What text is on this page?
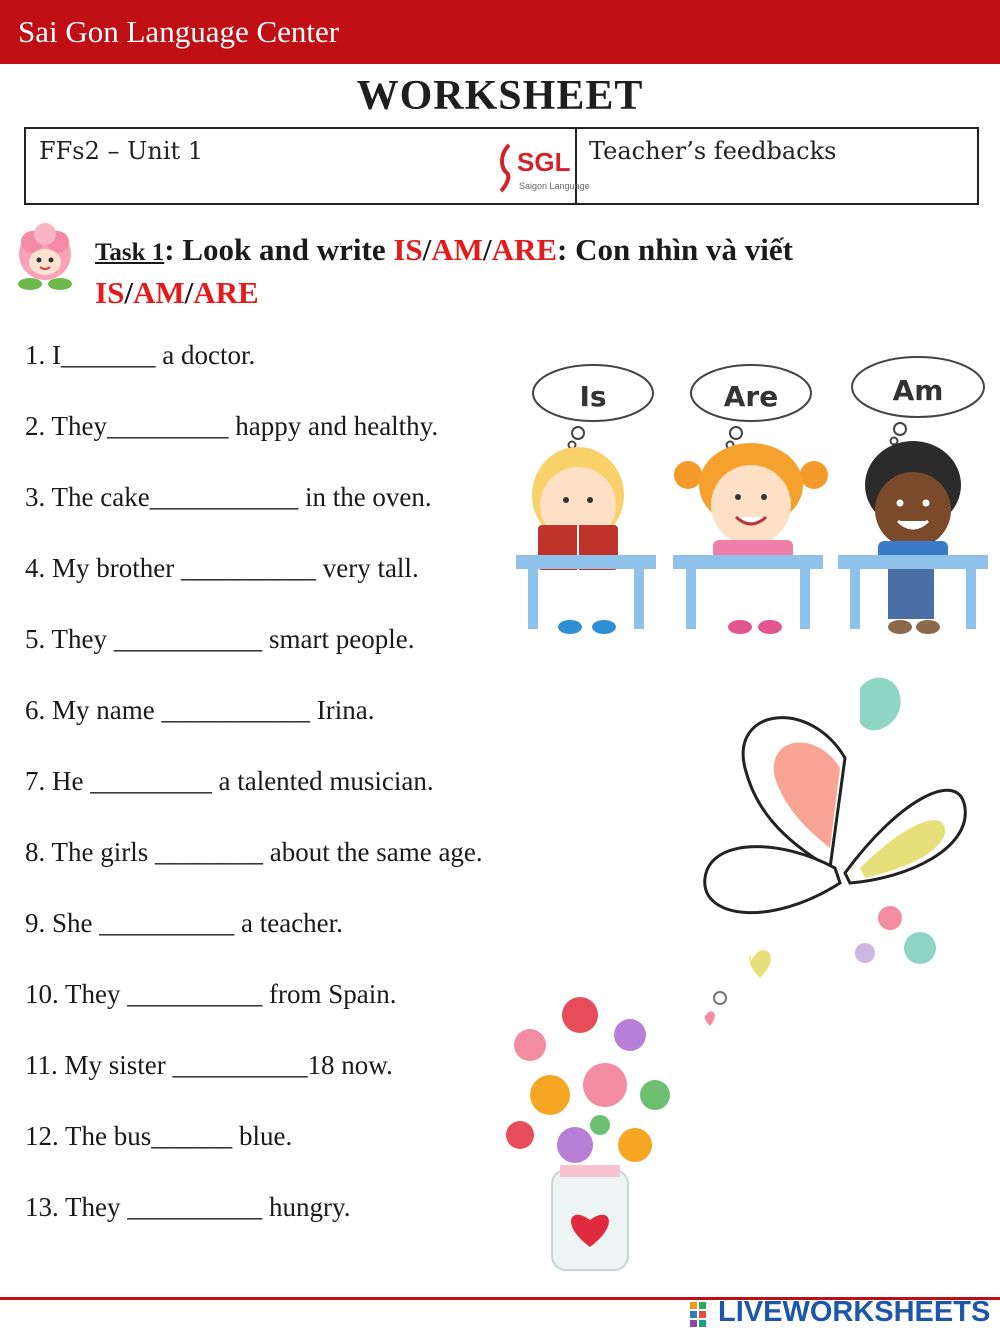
Sai Gon Language Center
WORKSHEET
FFs2 – Unit 1	SGL
Saigon Language
Teacher’s feedbacks
Task 1: Look and write IS/AM/ARE: Con nhìn và viết
IS/AM/ARE
1. I_______ a doctor.
2. They_________ happy and healthy.
3. The cake___________ in the oven.
4. My brother __________ very tall.
5. They ___________ smart people.
6. My name ___________ Irina.
7. He _________ a talented musician.
8. The girls ________ about the same age.
9. She __________ a teacher.
10. They __________ from Spain.
11. My sister __________18 now.
12. The bus______ blue.
13. They __________ hungry.
Is	Are	Am
LIVEWORKSHEETS
